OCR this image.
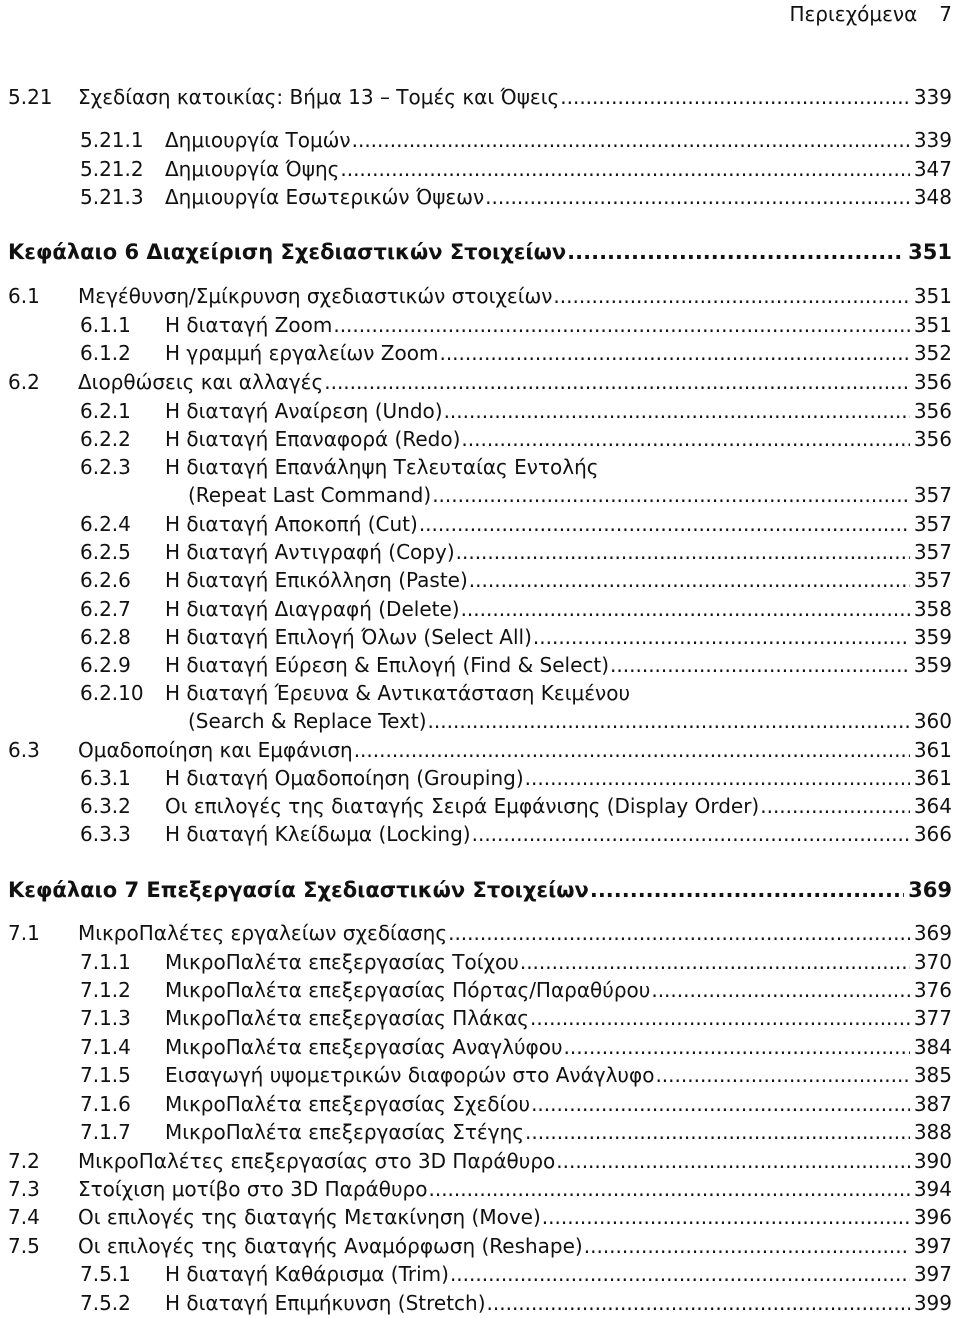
Περιεχόμενα 7
5.21 Σχεδίαση κατοικίας: Βήμα 13 – Τομές και Όψεις .....	339
5.21.1 Δημιουργία Τομών .....	339
5.21.2 Δημιουργία Όψης .....	347
5.21.3 Δημιουργία Εσωτερικών Όψεων .....	348
Κεφάλαιο 6 Διαχείριση Σχεδιαστικών Στοιχείων .....	351
6.1 Μεγέθυνση/Σμίκρυνση σχεδιαστικών στοιχείων .....	351
6.1.1 Η διαταγή Zoom .....	351
6.1.2 Η γραμμή εργαλείων Zoom .....	352
6.2 Διορθώσεις και αλλαγές .....	356
6.2.1 Η διαταγή Αναίρεση (Undo) .....	356
6.2.2 Η διαταγή Επαναφορά (Redo) .....	356
6.2.3 Η διαταγή Επανάληψη Τελευταίας Εντολής
(Repeat Last Command) .....	357
6.2.4 Η διαταγή Αποκοπή (Cut) .....	357
6.2.5 Η διαταγή Αντιγραφή (Copy) .....	357
6.2.6 Η διαταγή Επικόλληση (Paste) .....	357
6.2.7 Η διαταγή Διαγραφή (Delete) .....	358
6.2.8 Η διαταγή Επιλογή Όλων (Select All) .....	359
6.2.9 Η διαταγή Εύρεση & Επιλογή (Find & Select) .....	359
6.2.10 Η διαταγή Έρευνα & Αντικατάσταση Κειμένου
(Search & Replace Text) .....	360
6.3 Ομαδοποίηση και Εμφάνιση .....	361
6.3.1 Η διαταγή Ομαδοποίηση (Grouping) .....	361
6.3.2 Οι επιλογές της διαταγής Σειρά Εμφάνισης (Display Order) .....	364
6.3.3 Η διαταγή Κλείδωμα (Locking) .....	366
Κεφάλαιο 7 Επεξεργασία Σχεδιαστικών Στοιχείων .....	369
7.1 ΜικροΠαλέτες εργαλείων σχεδίασης .....	369
7.1.1 ΜικροΠαλέτα επεξεργασίας Τοίχου .....	370
7.1.2 ΜικροΠαλέτα επεξεργασίας Πόρτας/Παραθύρου .....	376
7.1.3 ΜικροΠαλέτα επεξεργασίας Πλάκας .....	377
7.1.4 ΜικροΠαλέτα επεξεργασίας Αναγλύφου .....	384
7.1.5 Εισαγωγή υψομετρικών διαφορών στο Ανάγλυφο .....	385
7.1.6 ΜικροΠαλέτα επεξεργασίας Σχεδίου .....	387
7.1.7 ΜικροΠαλέτα επεξεργασίας Στέγης .....	388
7.2 ΜικροΠαλέτες επεξεργασίας στο 3D Παράθυρο .....	390
7.3 Στοίχιση μοτίβο στο 3D Παράθυρο .....	394
7.4 Οι επιλογές της διαταγής Μετακίνηση (Move) .....	396
7.5 Οι επιλογές της διαταγής Αναμόρφωση (Reshape) .....	397
7.5.1 Η διαταγή Καθάρισμα (Trim) .....	397
7.5.2 Η διαταγή Επιμήκυνση (Stretch) .....	399
